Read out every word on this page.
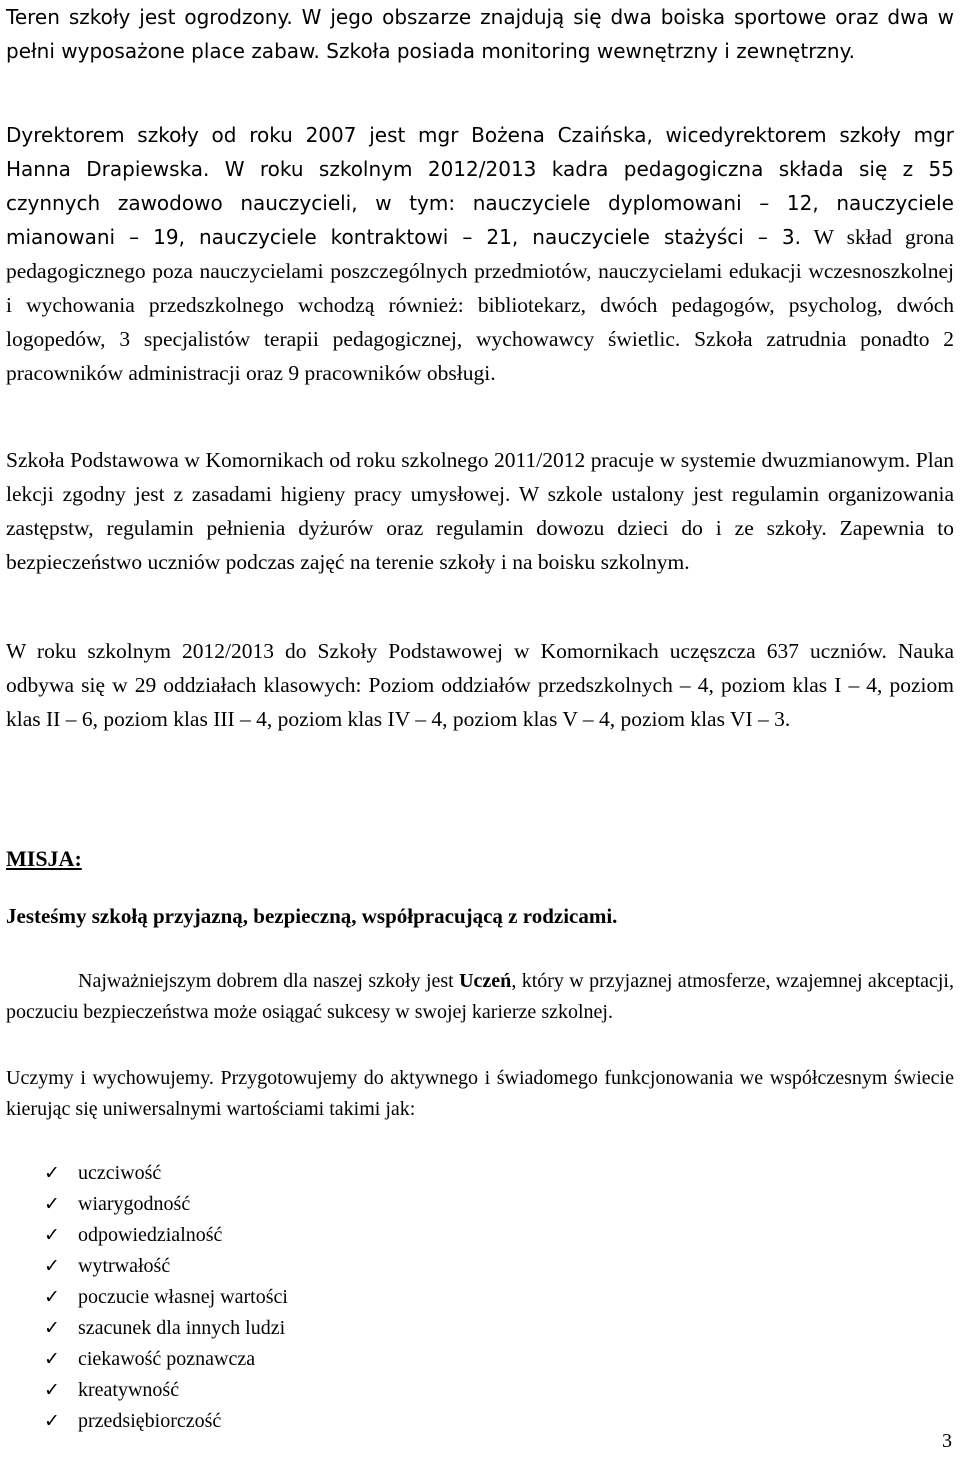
Teren szkoły jest ogrodzony. W jego obszarze znajdują się dwa boiska sportowe oraz dwa w pełni wyposażone place zabaw. Szkoła posiada monitoring wewnętrzny i zewnętrzny.

Dyrektorem szkoły od roku 2007 jest mgr Bożena Czaińska, wicedyrektorem szkoły mgr Hanna Drapiewska. W roku szkolnym 2012/2013 kadra pedagogiczna składa się z 55 czynnych zawodowo nauczycieli, w tym: nauczyciele dyplomowani – 12, nauczyciele mianowani – 19, nauczyciele kontraktowi – 21, nauczyciele stażyści – 3. W skład grona pedagogicznego poza nauczycielami poszczególnych przedmiotów, nauczycielami edukacji wczesnoszkolnej i wychowania przedszkolnego wchodzą również: bibliotekarz, dwóch pedagogów, psycholog, dwóch logopedów, 3 specjalistów terapii pedagogicznej, wychowawcy świetlic. Szkoła zatrudnia ponadto 2 pracowników administracji oraz 9 pracowników obsługi.

Szkoła Podstawowa w Komornikach od roku szkolnego 2011/2012 pracuje w systemie dwuzmianowym. Plan lekcji zgodny jest z zasadami higieny pracy umysłowej. W szkole ustalony jest regulamin organizowania zastępstw, regulamin pełnienia dyżurów oraz regulamin dowozu dzieci do i ze szkoły. Zapewnia to bezpieczeństwo uczniów podczas zajęć na terenie szkoły i na boisku szkolnym.

W roku szkolnym 2012/2013 do Szkoły Podstawowej w Komornikach uczęszcza 637 uczniów. Nauka odbywa się w 29 oddziałach klasowych: Poziom oddziałów przedszkolnych – 4, poziom klas I – 4, poziom klas II – 6, poziom klas III – 4, poziom klas IV – 4, poziom klas V – 4, poziom klas VI – 3.

MISJA:
Jesteśmy szkołą przyjazną, bezpieczną, współpracującą z rodzicami.

Najważniejszym dobrem dla naszej szkoły jest Uczeń, który w przyjaznej atmosferze, wzajemnej akceptacji, poczuciu bezpieczeństwa może osiągać sukcesy w swojej karierze szkolnej.

Uczymy i wychowujemy. Przygotowujemy do aktywnego i świadomego funkcjonowania we współczesnym świecie kierując się uniwersalnymi wartościami takimi jak:

✓ uczciwość
✓ wiarygodność
✓ odpowiedzialność
✓ wytrwałość
✓ poczucie własnej wartości
✓ szacunek dla innych ludzi
✓ ciekawość poznawcza
✓ kreatywność
✓ przedsiębiorczość
3
